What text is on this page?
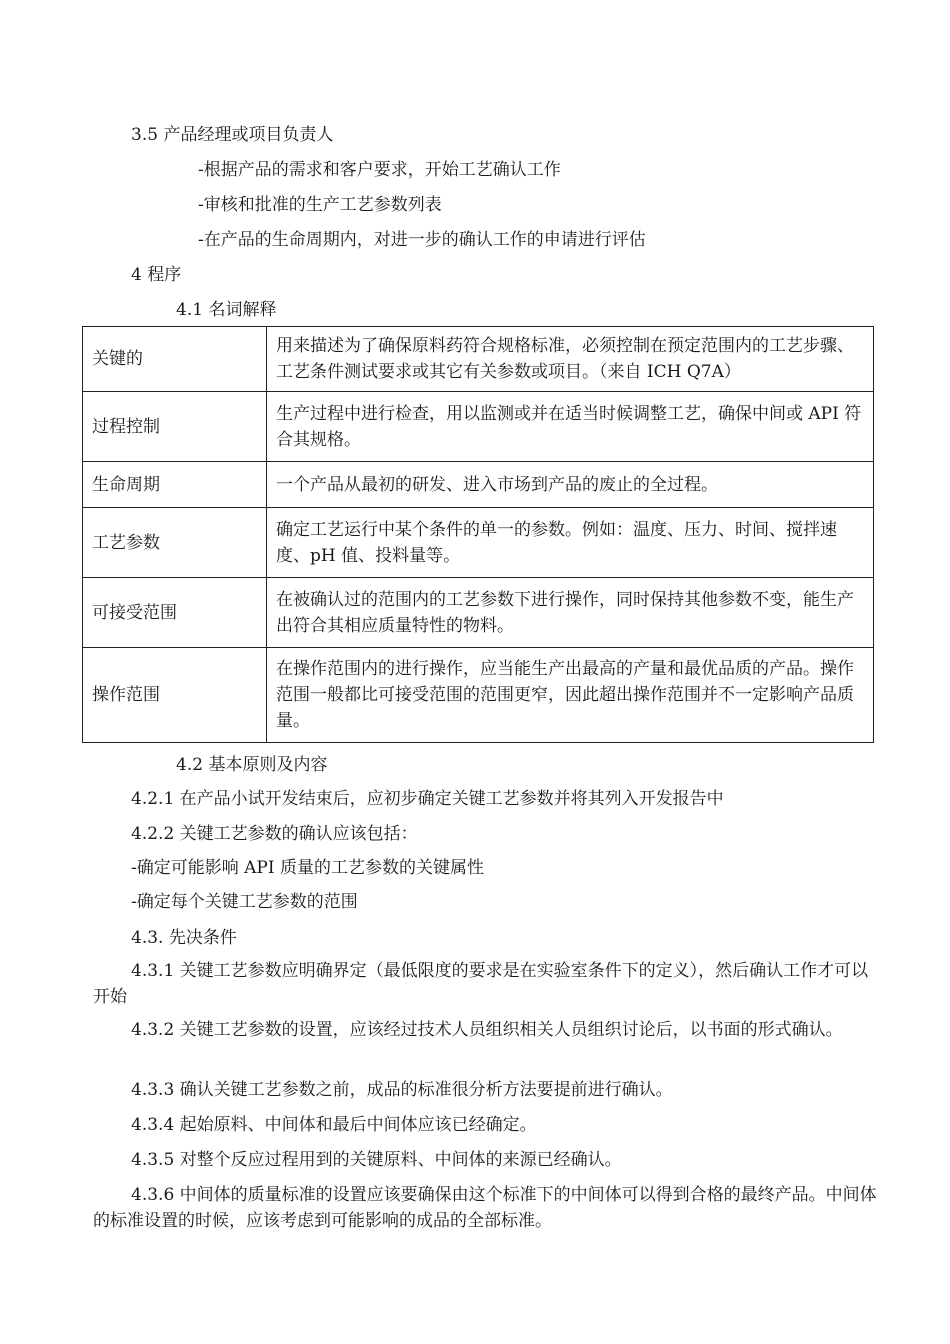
3.5 产品经理或项目负责人
-根据产品的需求和客户要求，开始工艺确认工作
-审核和批准的生产工艺参数列表
-在产品的生命周期内，对进一步的确认工作的申请进行评估
4 程序
4.1 名词解释
关键的	用来描述为了确保原料药符合规格标准，必须控制在预定范围内的工艺步骤、工艺条件测试要求或其它有关参数或项目。（来自 ICH Q7A）
过程控制	生产过程中进行检查，用以监测或并在适当时候调整工艺，确保中间或 API 符合其规格。
生命周期	一个产品从最初的研发、进入市场到产品的废止的全过程。
工艺参数	确定工艺运行中某个条件的单一的参数。例如：温度、压力、时间、搅拌速度、pH 值、投料量等。
可接受范围	在被确认过的范围内的工艺参数下进行操作，同时保持其他参数不变，能生产出符合其相应质量特性的物料。
操作范围	在操作范围内的进行操作，应当能生产出最高的产量和最优品质的产品。操作范围一般都比可接受范围的范围更窄，因此超出操作范围并不一定影响产品质量。
4.2 基本原则及内容
4.2.1 在产品小试开发结束后，应初步确定关键工艺参数并将其列入开发报告中
4.2.2 关键工艺参数的确认应该包括：
-确定可能影响 API 质量的工艺参数的关键属性
-确定每个关键工艺参数的范围
4.3. 先决条件
4.3.1 关键工艺参数应明确界定（最低限度的要求是在实验室条件下的定义），然后确认工作才可以开始
4.3.2 关键工艺参数的设置，应该经过技术人员组织相关人员组织讨论后，以书面的形式确认。
4.3.3 确认关键工艺参数之前，成品的标准很分析方法要提前进行确认。
4.3.4 起始原料、中间体和最后中间体应该已经确定。
4.3.5 对整个反应过程用到的关键原料、中间体的来源已经确认。
4.3.6 中间体的质量标准的设置应该要确保由这个标准下的中间体可以得到合格的最终产品。中间体的标准设置的时候，应该考虑到可能影响的成品的全部标准。
